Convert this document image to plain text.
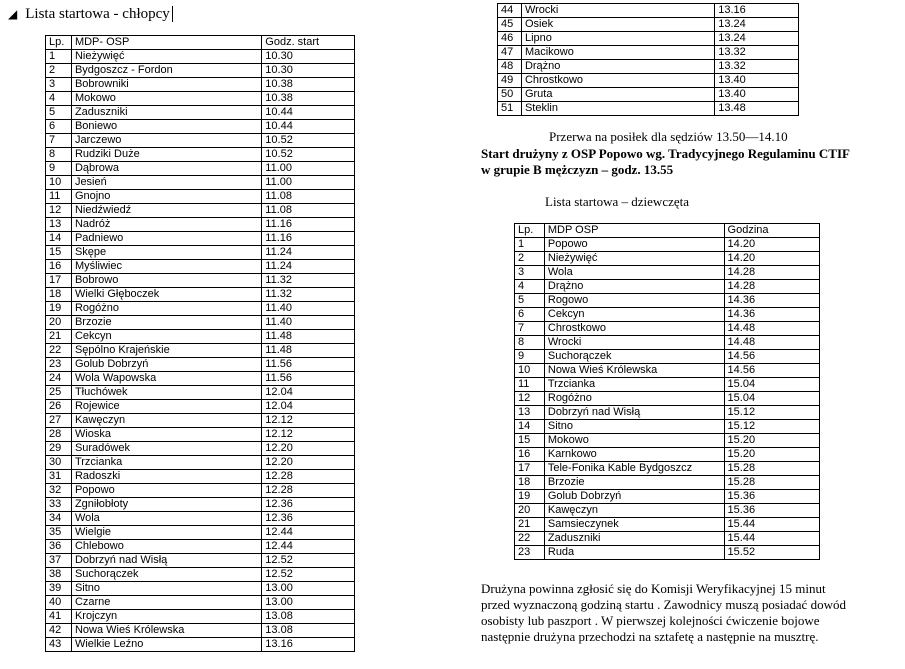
◢ Lista startowa - chłopcy
Lp.	MDP- OSP	Godz. start
1	Nieżywięć	10.30
2	Bydgoszcz - Fordon	10.30
3	Bobrowniki	10.38
4	Mokowo	10.38
5	Zaduszniki	10.44
6	Boniewo	10.44
7	Jarczewo	10.52
8	Rudziki Duże	10.52
9	Dąbrowa	11.00
10	Jesień	11.00
11	Gnojno	11.08
12	Niedźwiedź	11.08
13	Nadróż	11.16
14	Padniewo	11.16
15	Skępe	11.24
16	Myśliwiec	11.24
17	Bobrowo	11.32
18	Wielki Głęboczek	11.32
19	Rogóżno	11.40
20	Brzozie	11.40
21	Cekcyn	11.48
22	Sępólno Krajeńskie	11.48
23	Golub Dobrzyń	11.56
24	Wola Wapowska	11.56
25	Tłuchówek	12.04
26	Rojewice	12.04
27	Kawęczyn	12.12
28	Wioska	12.12
29	Suradówek	12.20
30	Trzcianka	12.20
31	Radoszki	12.28
32	Popowo	12.28
33	Zgniłobłoty	12.36
34	Wola	12.36
35	Wielgie	12.44
36	Chlebowo	12.44
37	Dobrzyń nad Wisłą	12.52
38	Suchorączek	12.52
39	Sitno	13.00
40	Czarne	13.00
41	Krojczyn	13.08
42	Nowa Wieś Królewska	13.08
43	Wielkie Leźno	13.16
44	Wrocki	13.16
45	Osiek	13.24
46	Lipno	13.24
47	Macikowo	13.32
48	Drążno	13.32
49	Chrostkowo	13.40
50	Gruta	13.40
51	Steklin	13.48
Przerwa na posiłek dla sędziów 13.50—14.10
Start drużyny z OSP Popowo wg. Tradycyjnego Regulaminu CTIF
w grupie B mężczyzn – godz. 13.55
Lista startowa – dziewczęta
Lp.	MDP OSP	Godzina
1	Popowo	14.20
2	Nieżywięć	14.20
3	Wola	14.28
4	Drążno	14.28
5	Rogowo	14.36
6	Cekcyn	14.36
7	Chrostkowo	14.48
8	Wrocki	14.48
9	Suchorączek	14.56
10	Nowa Wieś Królewska	14.56
11	Trzcianka	15.04
12	Rogóżno	15.04
13	Dobrzyń nad Wisłą	15.12
14	Sitno	15.12
15	Mokowo	15.20
16	Karnkowo	15.20
17	Tele-Fonika Kable Bydgoszcz	15.28
18	Brzozie	15.28
19	Golub Dobrzyń	15.36
20	Kawęczyn	15.36
21	Samsieczynek	15.44
22	Zaduszniki	15.44
23	Ruda	15.52
Drużyna powinna zgłosić się do Komisji Weryfikacyjnej 15 minut
przed wyznaczoną godziną startu . Zawodnicy muszą posiadać dowód
osobisty lub paszport . W pierwszej kolejności ćwiczenie bojowe
następnie drużyna przechodzi na sztafetę a następnie na musztrę.
